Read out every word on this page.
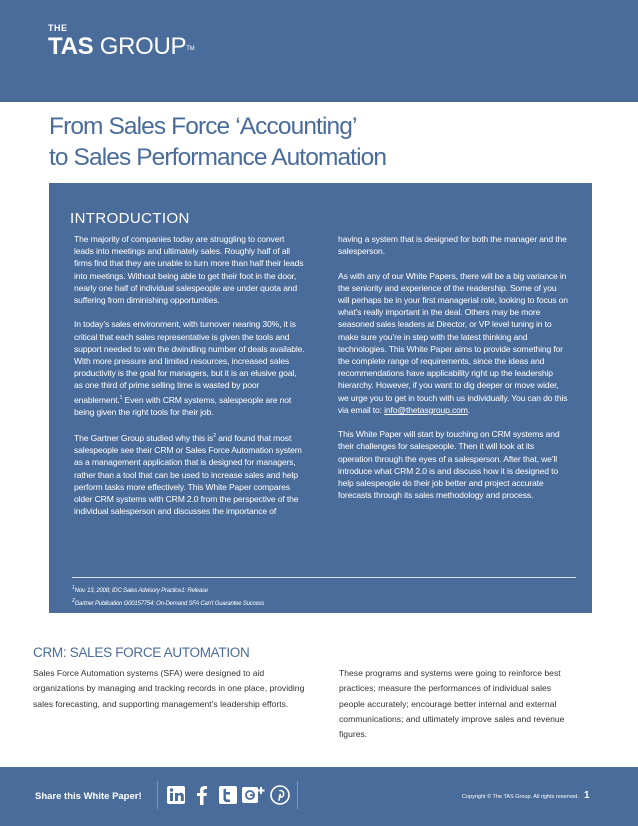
THE
TAS GROUP™
From Sales Force ‘Accounting’
to Sales Performance Automation
INTRODUCTION

The majority of companies today are struggling to convert leads into meetings and ultimately sales. Roughly half of all firms find that they are unable to turn more than half their leads into meetings. Without being able to get their foot in the door, nearly one half of individual salespeople are under quota and suffering from diminishing opportunities.

In today’s sales environment, with turnover nearing 30%, it is critical that each sales representative is given the tools and support needed to win the dwindling number of deals available. With more pressure and limited resources, increased sales productivity is the goal for managers, but it is an elusive goal, as one third of prime selling time is wasted by poor enablement.$^1$ Even with CRM systems, salespeople are not being given the right tools for their job.

The Gartner Group studied why this $is^2$ and found that most salespeople see their CRM or Sales Force Automation system as a management application that is designed for managers, rather than a tool that can be used to increase sales and help perform tasks more effectively. This White Paper compares older CRM systems with CRM 2.0 from the perspective of the individual salesperson and discusses the importance of

having a system that is designed for both the manager and the salesperson.

As with any of our White Papers, there will be a big variance in the seniority and experience of the readership. Some of you will perhaps be in your first managerial role, looking to focus on what’s really important in the deal. Others may be more seasoned sales leaders at Director, or VP level tuning in to make sure you’re in step with the latest thinking and technologies. This White Paper aims to provide something for the complete range of requirements, since the ideas and recommendations have applicability right up the leadership hierarchy. However, if you want to dig deeper or move wider, we urge you to get in touch with us individually. You can do this via email to: info@thetasgroup.com.

This White Paper will start by touching on CRM systems and their challenges for salespeople. Then it will look at its operation through the eyes of a salesperson. After that, we’ll introduce what CRM 2.0 is and discuss how it is designed to help salespeople do their job better and project accurate forecasts through its sales methodology and process.

$^1$Nov. 13, 2008; IDC Sales Advisory Practice1: Release
$^2$Gartner Publication G00157754: On-Demand SFA Can’t Guarantee Success
CRM: SALES FORCE AUTOMATION
Sales Force Automation systems (SFA) were designed to aid organizations by managing and tracking records in one place, providing sales forecasting, and supporting management’s leadership efforts.
These programs and systems were going to reinforce best practices; measure the performances of individual sales people accurately; encourage better internal and external communications; and ultimately improve sales and revenue figures.
Share this White Paper!	Copyright © The TAS Group. All rights reserved. 1
